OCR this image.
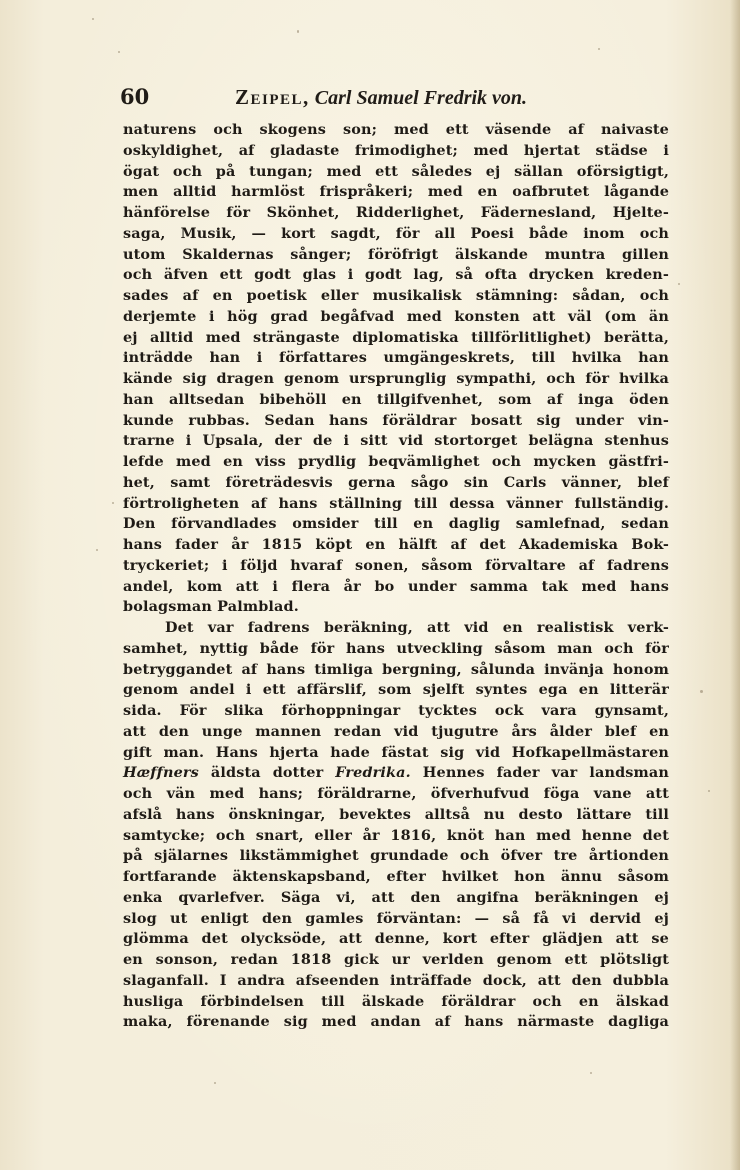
60	Zeipel, Carl Samuel Fredrik von.
naturens och skogens son; med ett väsende af naivaste
oskyldighet, af gladaste frimodighet; med hjertat städse i
ögat och på tungan; med ett således ej sällan oförsigtigt,
men alltid harmlöst frispråkeri; med en oafbrutet lågande
hänförelse för Skönhet, Ridderlighet, Fädernesland, Hjelte-
saga, Musik, — kort sagdt, för all Poesi både inom och
utom Skaldernas sånger; föröfrigt älskande muntra gillen
och äfven ett godt glas i godt lag, så ofta drycken kreden-
sades af en poetisk eller musikalisk stämning: sådan, och
derjemte i hög grad begåfvad med konsten att väl (om än
ej alltid med strängaste diplomatiska tillförlitlighet) berätta,
inträdde han i författares umgängeskrets, till hvilka han
kände sig dragen genom ursprunglig sympathi, och för hvilka
han alltsedan bibehöll en tillgifvenhet, som af inga öden
kunde rubbas. Sedan hans föräldrar bosatt sig under vin-
trarne i Upsala, der de i sitt vid stortorget belägna stenhus
lefde med en viss prydlig beqvämlighet och mycken gästfri-
het, samt företrädesvis gerna sågo sin Carls vänner, blef
förtroligheten af hans ställning till dessa vänner fullständig.
Den förvandlades omsider till en daglig samlefnad, sedan
hans fader år 1815 köpt en hälft af det Akademiska Bok-
tryckeriet; i följd hvaraf sonen, såsom förvaltare af fadrens
andel, kom att i flera år bo under samma tak med hans
bolagsman Palmblad.
Det var fadrens beräkning, att vid en realistisk verk-
samhet, nyttig både för hans utveckling såsom man och för
betryggandet af hans timliga bergning, sålunda invänja honom
genom andel i ett affärslif, som sjelft syntes ega en litterär
sida. För slika förhoppningar tycktes ock vara gynsamt,
att den unge mannen redan vid tjugutre års ålder blef en
gift man. Hans hjerta hade fästat sig vid Hofkapellmästaren
Hæffners äldsta dotter Fredrika. Hennes fader var landsman
och vän med hans; föräldrarne, öfverhufvud föga vane att
afslå hans önskningar, bevektes alltså nu desto lättare till
samtycke; och snart, eller år 1816, knöt han med henne det
på själarnes likstämmighet grundade och öfver tre årtionden
fortfarande äktenskapsband, efter hvilket hon ännu såsom
enka qvarlefver. Säga vi, att den angifna beräkningen ej
slog ut enligt den gamles förväntan: — så få vi dervid ej
glömma det olycksöde, att denne, kort efter glädjen att se
en sonson, redan 1818 gick ur verlden genom ett plötsligt
slaganfall. I andra afseenden inträffade dock, att den dubbla
husliga förbindelsen till älskade föräldrar och en älskad
maka, förenande sig med andan af hans närmaste dagliga
